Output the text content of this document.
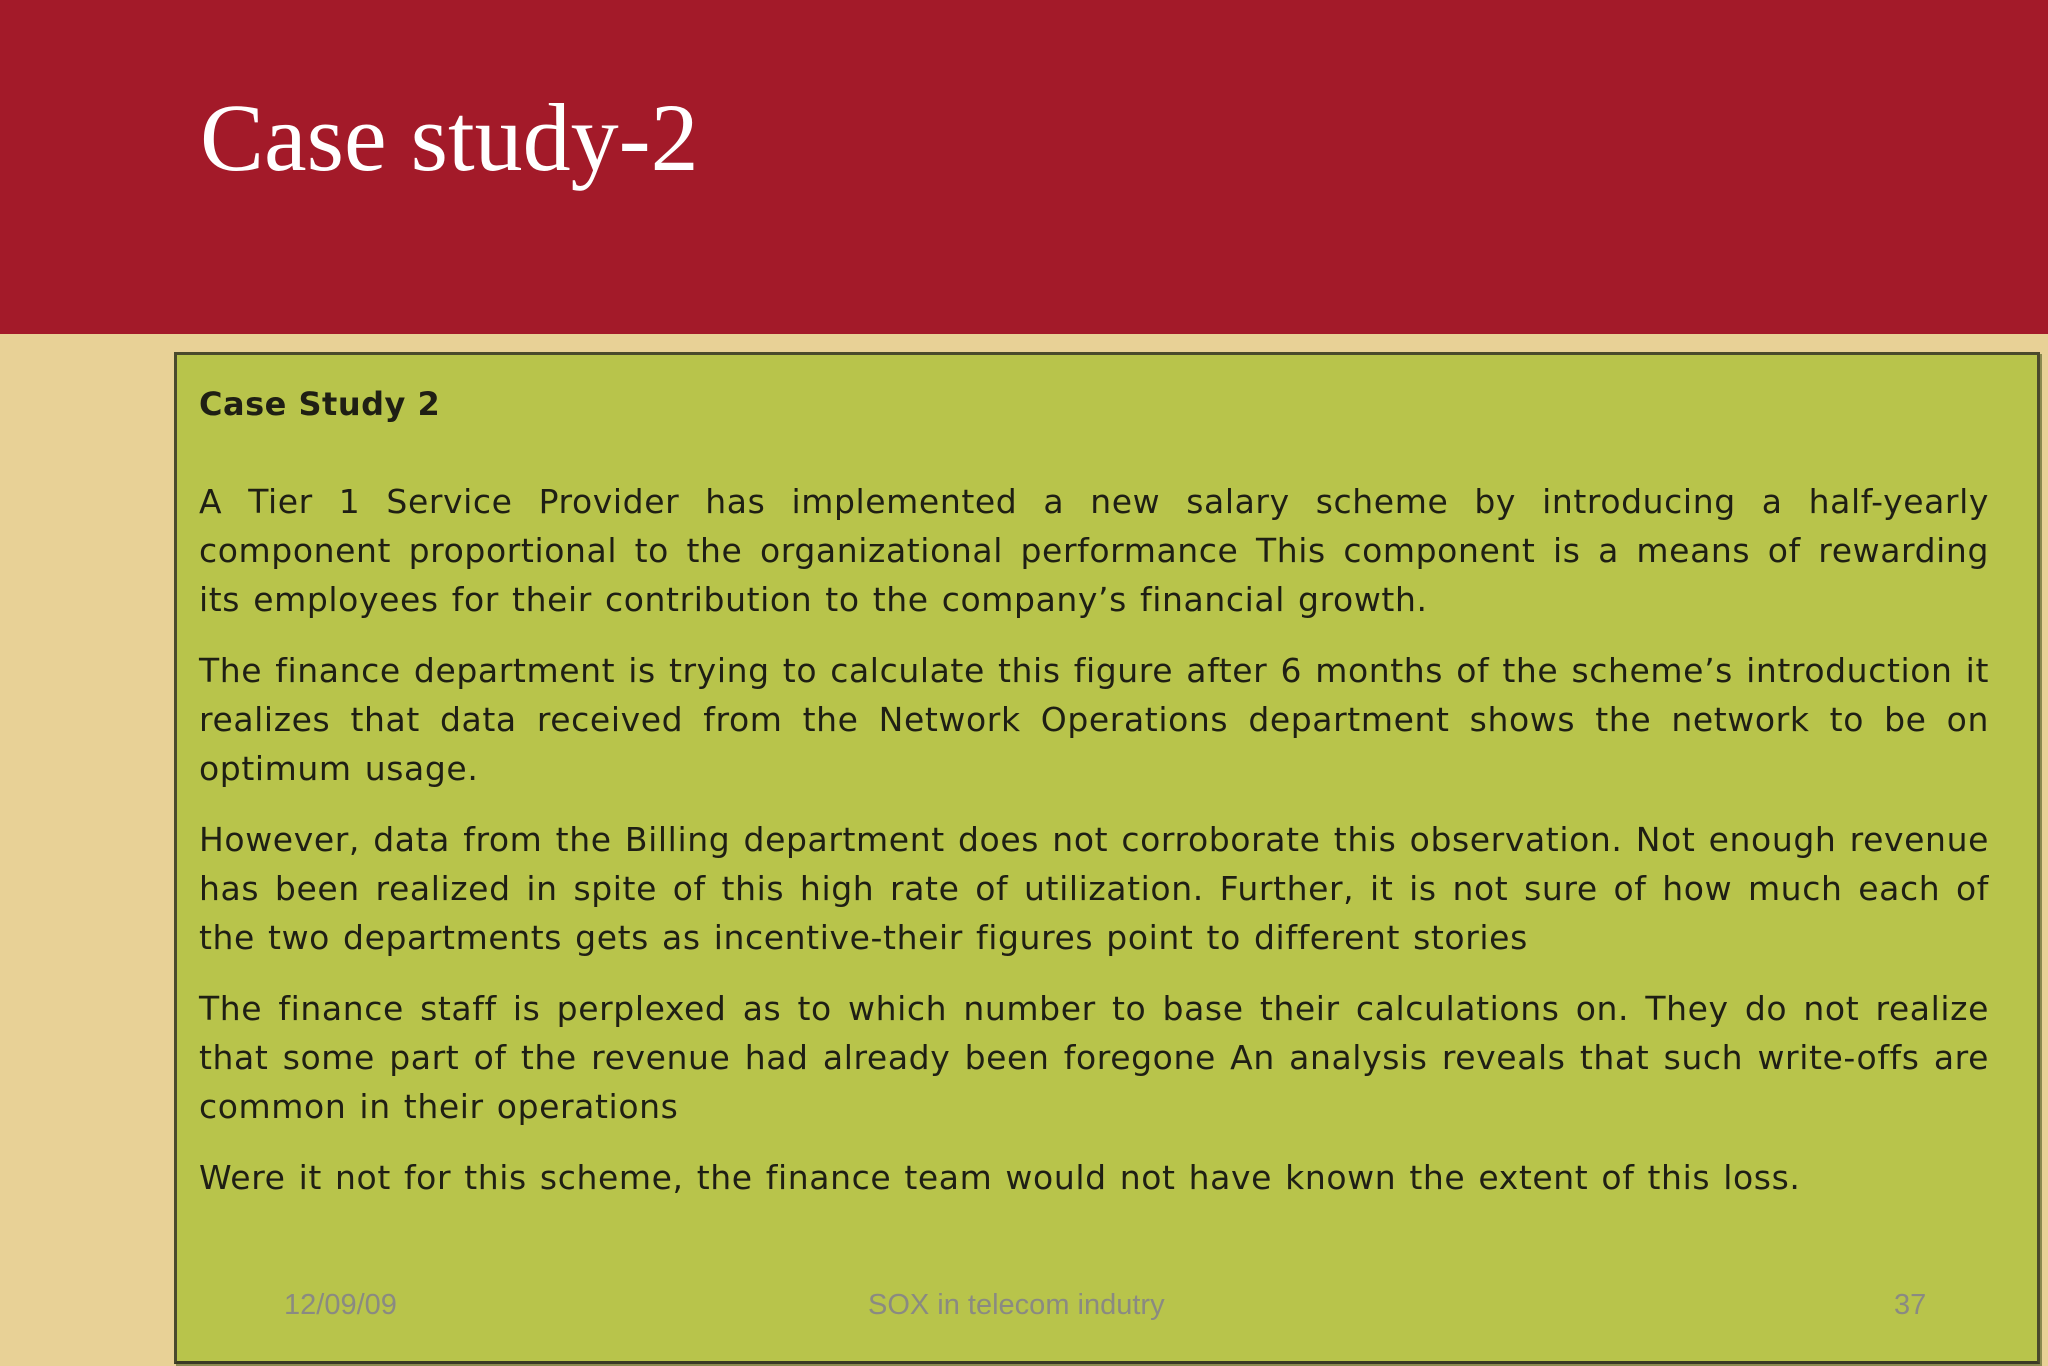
Case study-2
Case Study 2

A Tier 1 Service Provider has implemented a new salary scheme by introducing a half-yearly component proportional to the organizational performance This component is a means of rewarding its employees for their contribution to the company’s financial growth.

The finance department is trying to calculate this figure after 6 months of the scheme’s introduction it realizes that data received from the Network Operations department shows the network to be on optimum usage.

However, data from the Billing department does not corroborate this observation. Not enough revenue has been realized in spite of this high rate of utilization. Further, it is not sure of how much each of the two departments gets as incentive-their figures point to different stories

The finance staff is perplexed as to which number to base their calculations on. They do not realize that some part of the revenue had already been foregone An analysis reveals that such write-offs are common in their operations

Were it not for this scheme, the finance team would not have known the extent of this loss.

12/09/09	SOX in telecom indutry	37
